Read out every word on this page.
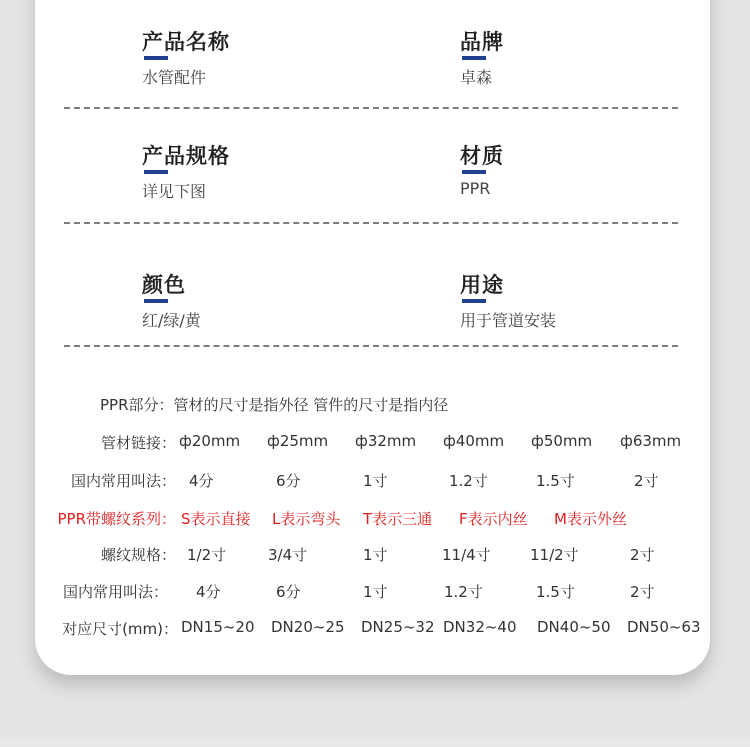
产品名称
水管配件
品牌
卓森
产品规格
详见下图
材质
PPR
颜色
红/绿/黄
用途
用于管道安装
PPR部分：管材的尺寸是指外径 管件的尺寸是指内径
管材链接： ф20mm ф25mm ф32mm ф40mm ф50mm ф63mm
国内常用叫法： 4分	6分	1寸	1.2寸	1.5寸	2寸
PPR带螺纹系列： S表示直接 L表示弯头 T表示三通 F表示内丝 M表示外丝
螺纹规格： 1/2寸	3/4寸	1寸	11/4寸	11/2寸	2寸
国内常用叫法： 4分	6分	1寸	1.2寸	1.5寸	2寸
对应尺寸(mm)： DN15~20 DN20~25 DN25~32 DN32~40 DN40~50 DN50~63
